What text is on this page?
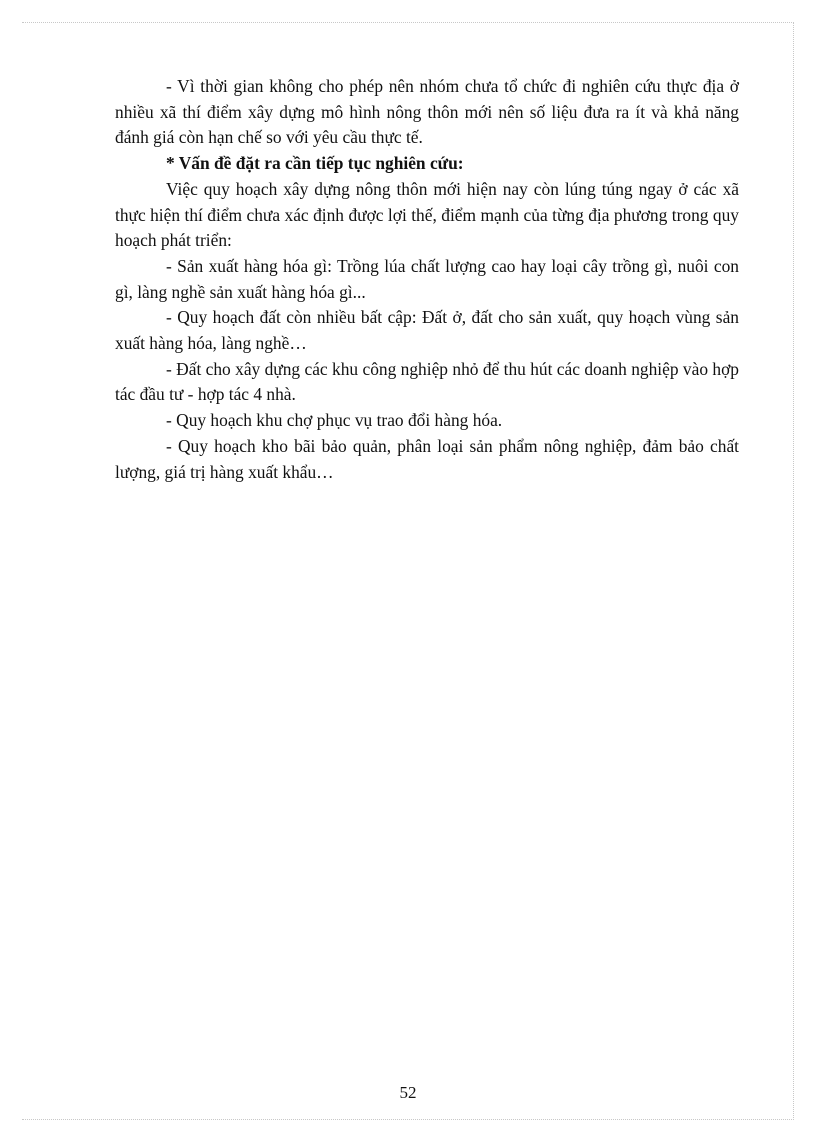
- Vì thời gian không cho phép nên nhóm chưa tổ chức đi nghiên cứu thực địa ở nhiều xã thí điểm xây dựng mô hình nông thôn mới nên số liệu đưa ra ít và khả năng đánh giá còn hạn chế so với yêu cầu thực tế.

* Vấn đề đặt ra cần tiếp tục nghiên cứu:

Việc quy hoạch xây dựng nông thôn mới hiện nay còn lúng túng ngay ở các xã thực hiện thí điểm chưa xác định được lợi thế, điểm mạnh của từng địa phương trong quy hoạch phát triển:

- Sản xuất hàng hóa gì: Trồng lúa chất lượng cao hay loại cây trồng gì, nuôi con gì, làng nghề sản xuất hàng hóa gì...

- Quy hoạch đất còn nhiều bất cập: Đất ở, đất cho sản xuất, quy hoạch vùng sản xuất hàng hóa, làng nghề…

- Đất cho xây dựng các khu công nghiệp nhỏ để thu hút các doanh nghiệp vào hợp tác đầu tư - hợp tác 4 nhà.

- Quy hoạch khu chợ phục vụ trao đổi hàng hóa.

- Quy hoạch kho bãi bảo quản, phân loại sản phẩm nông nghiệp, đảm bảo chất lượng, giá trị hàng xuất khẩu…

52
